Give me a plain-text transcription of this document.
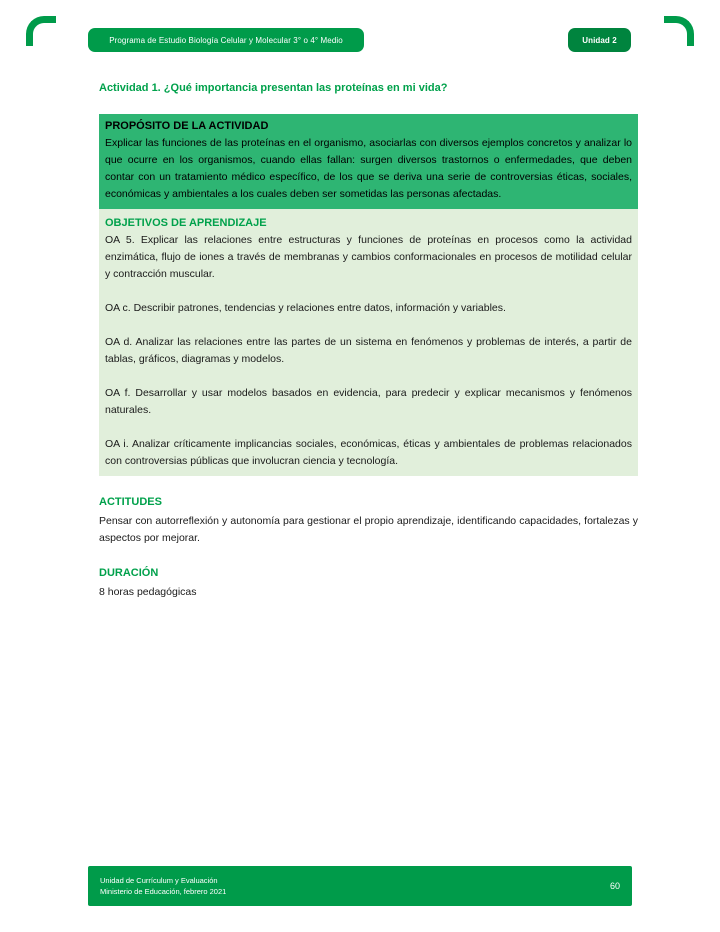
Programa de Estudio Biología Celular y Molecular 3° o 4° Medio	Unidad 2
Actividad 1. ¿Qué importancia presentan las proteínas en mi vida?
PROPÓSITO DE LA ACTIVIDAD

Explicar las funciones de las proteínas en el organismo, asociarlas con diversos ejemplos concretos y analizar lo que ocurre en los organismos, cuando ellas fallan: surgen diversos trastornos o enfermedades, que deben contar con un tratamiento médico específico, de los que se deriva una serie de controversias éticas, sociales, económicas y ambientales a los cuales deben ser sometidas las personas afectadas.

OBJETIVOS DE APRENDIZAJE

OA 5. Explicar las relaciones entre estructuras y funciones de proteínas en procesos como la actividad enzimática, flujo de iones a través de membranas y cambios conformacionales en procesos de motilidad celular y contracción muscular.

OA c. Describir patrones, tendencias y relaciones entre datos, información y variables.

OA d. Analizar las relaciones entre las partes de un sistema en fenómenos y problemas de interés, a partir de tablas, gráficos, diagramas y modelos.

OA f. Desarrollar y usar modelos basados en evidencia, para predecir y explicar mecanismos y fenómenos naturales.

OA i. Analizar críticamente implicancias sociales, económicas, éticas y ambientales de problemas relacionados con controversias públicas que involucran ciencia y tecnología.

ACTITUDES

Pensar con autorreflexión y autonomía para gestionar el propio aprendizaje, identificando capacidades, fortalezas y aspectos por mejorar.

DURACIÓN

8 horas pedagógicas

Unidad de Currículum y Evaluación
Ministerio de Educación, febrero 2021
60
